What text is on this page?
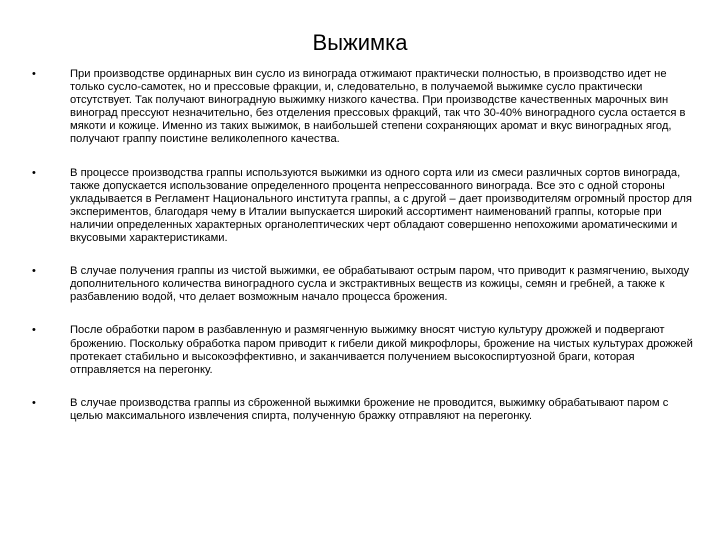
Выжимка
•	При производстве ординарных вин сусло из винограда отжимают практически полностью, в производство идет не только сусло-самотек, но и прессовые фракции, и, следовательно, в получаемой выжимке сусло практически отсутствует. Так получают виноградную выжимку низкого качества. При производстве качественных марочных вин виноград прессуют незначительно, без отделения прессовых фракций, так что 30-40% виноградного сусла остается в мякоти и кожице. Именно из таких выжимок, в наибольшей степени сохраняющих аромат и вкус виноградных ягод, получают граппу поистине великолепного качества.
•	В процессе производства граппы используются выжимки из одного сорта или из смеси различных сортов винограда, также допускается использование определенного процента непрессованного винограда. Все это с одной стороны укладывается в Регламент Национального института граппы, а с другой – дает производителям огромный простор для экспериментов, благодаря чему в Италии выпускается широкий ассортимент наименований граппы, которые при наличии определенных характерных органолептических черт обладают совершенно непохожими ароматическими и вкусовыми характеристиками.
•	В случае получения граппы из чистой выжимки, ее обрабатывают острым паром, что приводит к размягчению, выходу дополнительного количества виноградного сусла и экстрактивных веществ из кожицы, семян и гребней, а также к разбавлению водой, что делает возможным начало процесса брожения.
•	После обработки паром в разбавленную и размягченную выжимку вносят чистую культуру дрожжей и подвергают брожению. Поскольку обработка паром приводит к гибели дикой микрофлоры, брожение на чистых культурах дрожжей протекает стабильно и высокоэффективно, и заканчивается получением высокоспиртуозной браги, которая отправляется на перегонку.
•	В случае производства граппы из сброженной выжимки брожение не проводится, выжимку обрабатывают паром с целью максимального извлечения спирта, полученную бражку отправляют на перегонку.
